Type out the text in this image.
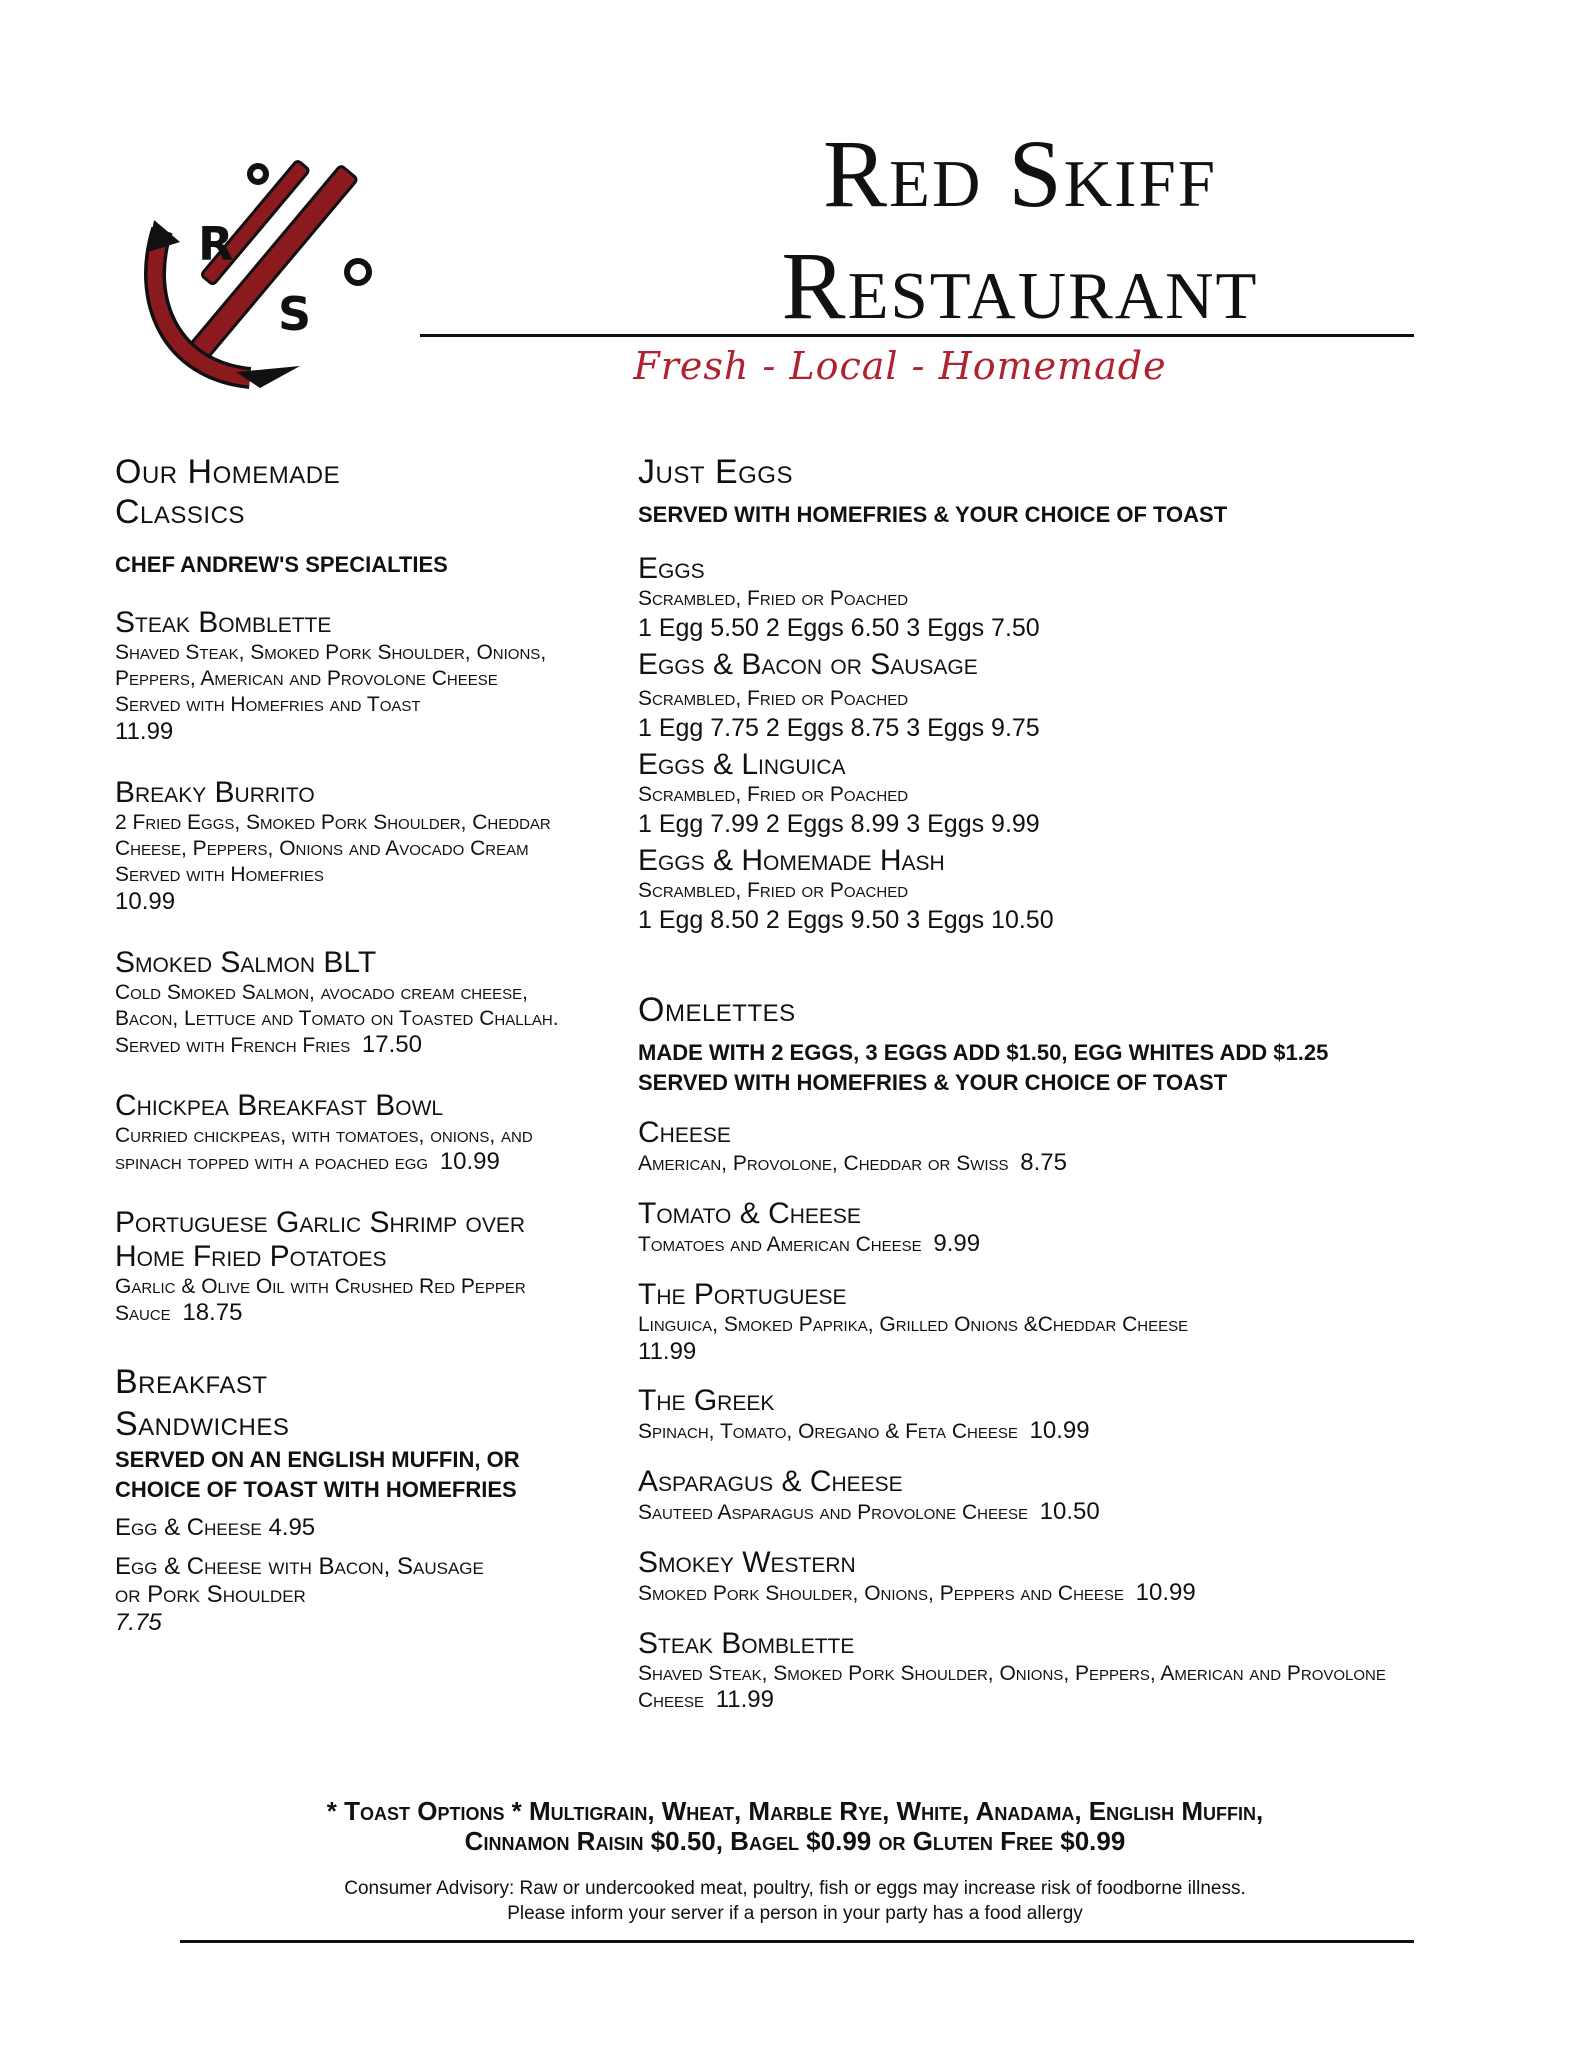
R
S
Red Skiff
Restaurant
Fresh - Local - Homemade
Our Homemade Classics
CHEF ANDREW'S SPECIALTIES
Steak Bomblette
Shaved Steak, Smoked Pork Shoulder, Onions, Peppers, American and Provolone Cheese Served with Homefries and Toast
11.99
Breaky Burrito
2 Fried Eggs, Smoked Pork Shoulder, Cheddar Cheese, Peppers, Onions and Avocado Cream Served with Homefries
10.99
Smoked Salmon BLT
Cold Smoked Salmon, avocado cream cheese, Bacon, Lettuce and Tomato on Toasted Challah. Served with French Fries 17.50
Chickpea Breakfast Bowl
Curried chickpeas, with tomatoes, onions, and spinach topped with a poached egg 10.99
Portuguese Garlic Shrimp over Home Fried Potatoes
Garlic & Olive Oil with Crushed Red Pepper Sauce 18.75
Breakfast Sandwiches
SERVED ON AN ENGLISH MUFFIN, OR CHOICE OF TOAST WITH HOMEFRIES
Egg & Cheese 4.95
Egg & Cheese with Bacon, Sausage or Pork Shoulder
7.75
Just Eggs
SERVED WITH HOMEFRIES & YOUR CHOICE OF TOAST
Eggs
Scrambled, Fried or Poached
1 Egg 5.50 2 Eggs 6.50 3 Eggs 7.50
Eggs & Bacon or Sausage
Scrambled, Fried or Poached
1 Egg 7.75 2 Eggs 8.75 3 Eggs 9.75
Eggs & Linguica
Scrambled, Fried or Poached
1 Egg 7.99 2 Eggs 8.99 3 Eggs 9.99
Eggs & Homemade Hash
Scrambled, Fried or Poached
1 Egg 8.50 2 Eggs 9.50 3 Eggs 10.50
Omelettes
MADE WITH 2 EGGS, 3 EGGS ADD $1.50, EGG WHITES ADD $1.25
SERVED WITH HOMEFRIES & YOUR CHOICE OF TOAST
Cheese
American, Provolone, Cheddar or Swiss 8.75
Tomato & Cheese
Tomatoes and American Cheese 9.99
The Portuguese
Linguica, Smoked Paprika, Grilled Onions &Cheddar Cheese
11.99
The Greek
Spinach, Tomato, Oregano & Feta Cheese 10.99
Asparagus & Cheese
Sauteed Asparagus and Provolone Cheese 10.50
Smokey Western
Smoked Pork Shoulder, Onions, Peppers and Cheese 10.99
Steak Bomblette
Shaved Steak, Smoked Pork Shoulder, Onions, Peppers, American and Provolone Cheese 11.99
* Toast Options * Multigrain, Wheat, Marble Rye, White, Anadama, English Muffin,
Cinnamon Raisin $0.50, Bagel $0.99 or Gluten Free $0.99
Consumer Advisory: Raw or undercooked meat, poultry, fish or eggs may increase risk of foodborne illness.
Please inform your server if a person in your party has a food allergy
